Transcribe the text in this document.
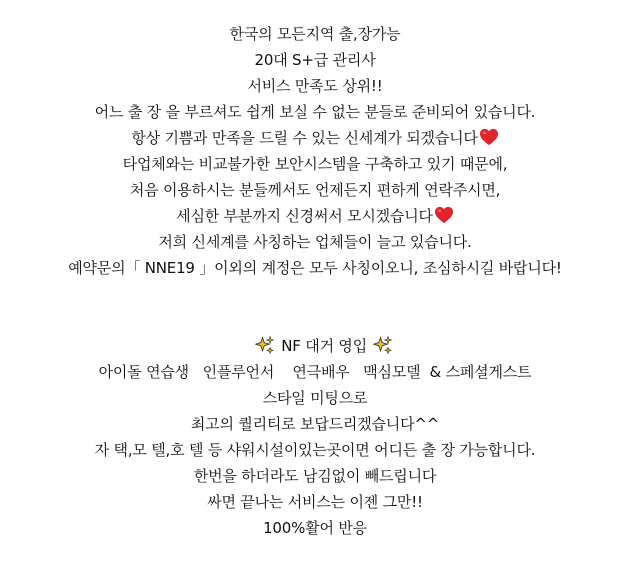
한국의 모든지역 출,장가능
20대 S+급 관리사
서비스 만족도 상위!!
어느 출 장 을 부르셔도 쉽게 보실 수 없는 분들로 준비되어 있습니다.
항상 기쁨과 만족을 드릴 수 있는 신세계가 되겠습니다
타업체와는 비교불가한 보안시스템을 구축하고 있기 때문에,
처음 이용하시는 분들께서도 언제든지 편하게 연락주시면,
세심한 부분까지 신경써서 모시겠습니다
저희 신세계를 사칭하는 업체들이 늘고 있습니다.
예약문의「 NNE19 」이외의 계정은 모두 사칭이오니, 조심하시길 바랍니다!

NF 대거 영입

아이돌 연습생   인플루언서    연극배우   맥심모델  & 스페셜게스트
스타일 미팅으로
최고의 퀄리티로 보답드리겠습니다^^
자 택,모 텔,호 텔 등 샤워시설이있는곳이면 어디든 출 장 가능합니다.
한번을 하더라도 남김없이 빼드립니다
싸면 끝나는 서비스는 이젠 그만!!
100%활어 반응
